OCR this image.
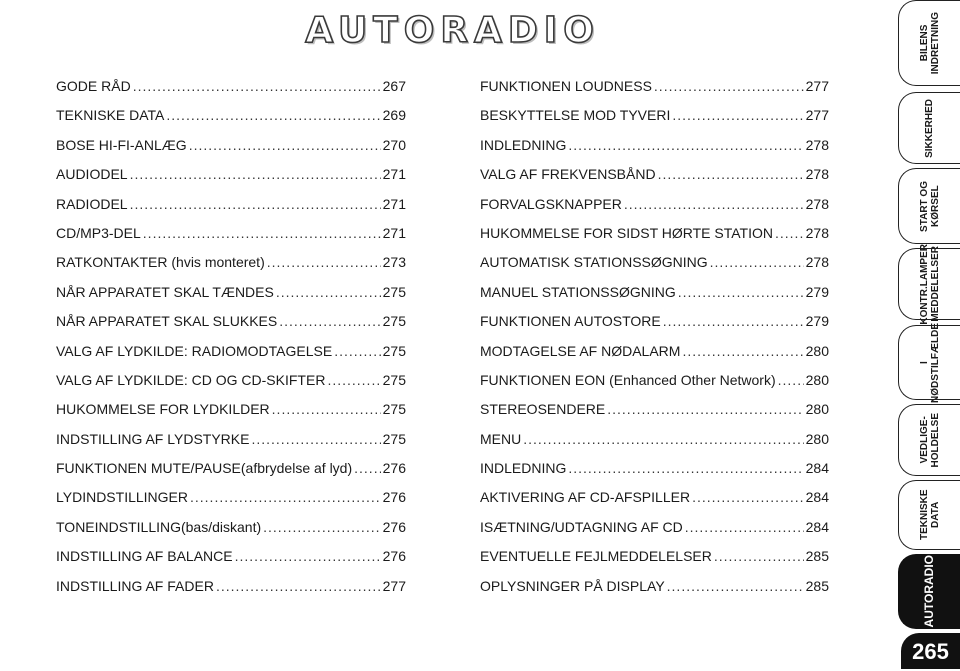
AUTORADIO
GODE RÅD .....	267
TEKNISKE DATA .....	269
BOSE HI-FI-ANLÆG .....	270
AUDIODEL .....	271
RADIODEL .....	271
CD/MP3-DEL .....	271
RATKONTAKTER (hvis monteret) .....	273
NÅR APPARATET SKAL TÆNDES .....	275
NÅR APPARATET SKAL SLUKKES .....	275
VALG AF LYDKILDE: RADIOMODTAGELSE .....	275
VALG AF LYDKILDE: CD OG CD-SKIFTER .....	275
HUKOMMELSE FOR LYDKILDER .....	275
INDSTILLING AF LYDSTYRKE .....	275
FUNKTIONEN MUTE/PAUSE(afbrydelse af lyd) ..... 276
LYDINDSTILLINGER .....	276
TONEINDSTILLING(bas/diskant) .....	276
INDSTILLING AF BALANCE .....	276
INDSTILLING AF FADER .....	277
FUNKTIONEN LOUDNESS .....	277
BESKYTTELSE MOD TYVERI .....	277
INDLEDNING .....	278
VALG AF FREKVENSBÅND .....	278
FORVALGSKNAPPER .....	278
HUKOMMELSE FOR SIDST HØRTE STATION ..... 278
AUTOMATISK STATIONSSØGNING .....	278
MANUEL STATIONSSØGNING .....	279
FUNKTIONEN AUTOSTORE .....	279
MODTAGELSE AF NØDALARM .....	280
FUNKTIONEN EON (Enhanced Other Network) ..... 280
STEREOSENDERE .....	280
MENU .....	280
INDLEDNING .....	284
AKTIVERING AF CD-AFSPILLER .....	284
ISÆTNING/UDTAGNING AF CD .....	284
EVENTUELLE FEJLMEDDELELSER .....	285
OPLYSNINGER PÅ DISPLAY .....	285
BILENS
INDRETNING
SIKKERHED
START OG
KØRSEL
KONTR.LAMPER
MEDDELELSER
I NØDSTILFÆLDE
VEDLIGE-
HOLDELSE
TEKNISKE DATA
AUTORADIO
265
